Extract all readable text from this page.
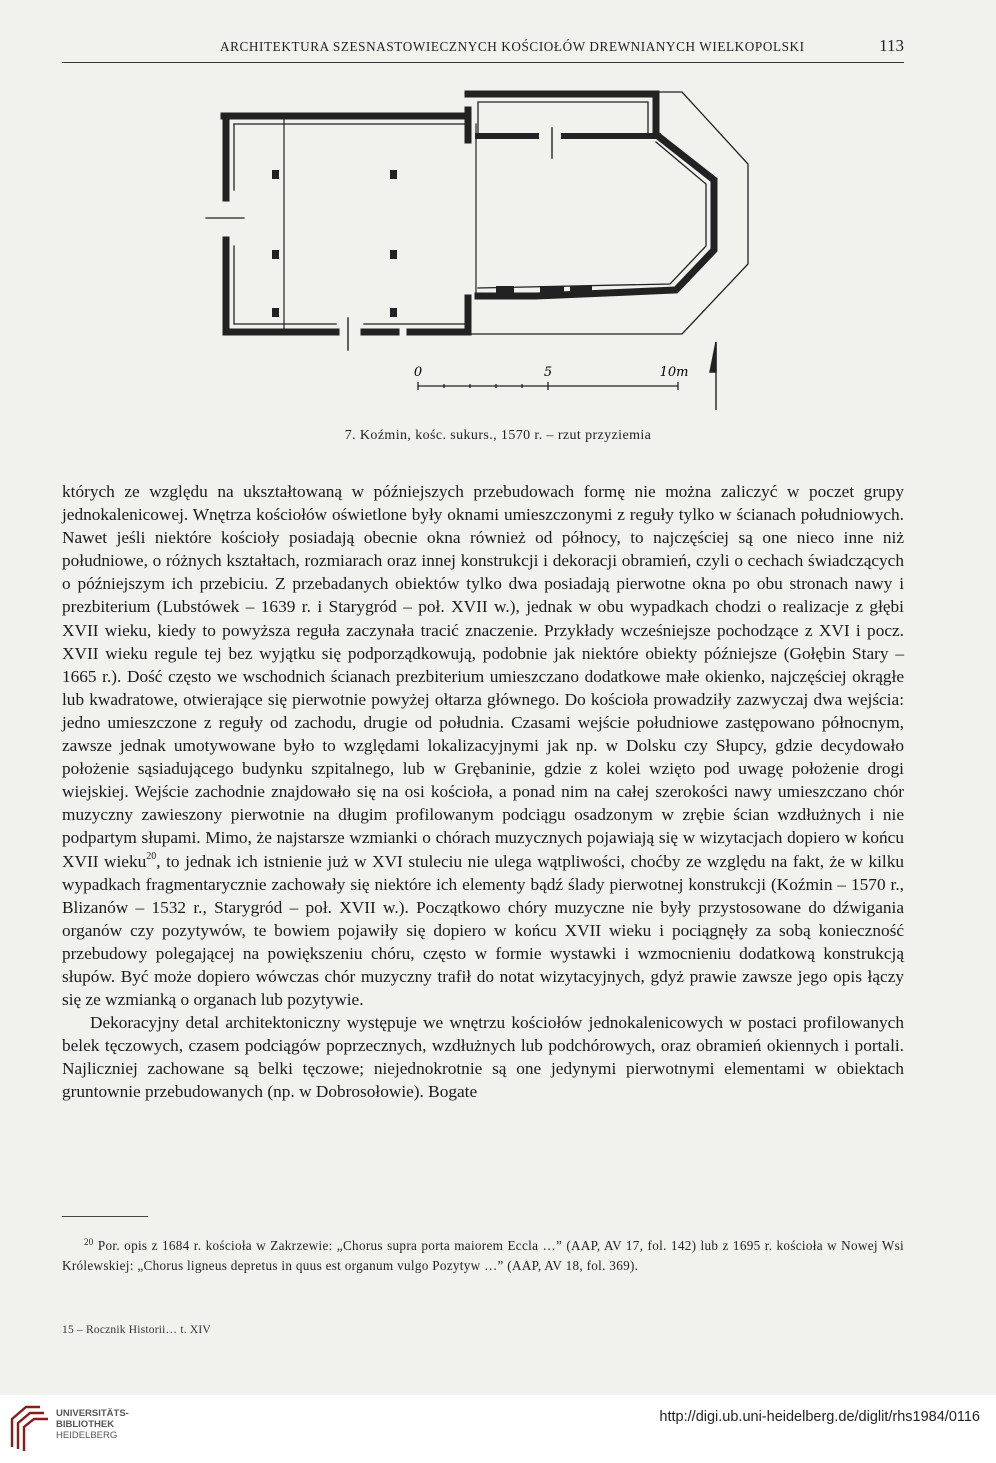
ARCHITEKTURA SZESNASTOWIECZNYCH KOŚCIOŁÓW DREWNIANYCH WIELKOPOLSKI	113
0	5	10m
7. Koźmin, kośc. sukurs., 1570 r. – rzut przyziemia

których ze względu na ukształtowaną w późniejszych przebudowach formę nie można zaliczyć w poczet grupy jednokalenicowej. Wnętrza kościołów oświetlone były oknami umieszczonymi z reguły tylko w ścianach południowych. Nawet jeśli niektóre kościoły posiadają obecnie okna również od północy, to najczęściej są one nieco inne niż południowe, o różnych kształtach, rozmiarach oraz innej konstrukcji i dekoracji obramień, czyli o cechach świadczących o późniejszym ich przebiciu. Z przebadanych obiektów tylko dwa posiadają pierwotne okna po obu stronach nawy i prezbiterium (Lubstówek – 1639 r. i Starygród – poł. XVII w.), jednak w obu wypadkach chodzi o realizacje z głębi XVII wieku, kiedy to powyższa reguła zaczynała tracić znaczenie. Przykłady wcześniejsze pochodzące z XVI i pocz. XVII wieku regule tej bez wyjątku się podporządkowują, podobnie jak niektóre obiekty późniejsze (Gołębin Stary – 1665 r.). Dość często we wschodnich ścianach prezbiterium umieszczano dodatkowe małe okienko, najczęściej okrągłe lub kwadratowe, otwierające się pierwotnie powyżej ołtarza głównego. Do kościoła prowadziły zazwyczaj dwa wejścia: jedno umieszczone z reguły od zachodu, drugie od południa. Czasami wejście południowe zastępowano północnym, zawsze jednak umotywowane było to względami lokalizacyjnymi jak np. w Dolsku czy Słupcy, gdzie decydowało położenie sąsiadującego budynku szpitalnego, lub w Grębaninie, gdzie z kolei wzięto pod uwagę położenie drogi wiejskiej. Wejście zachodnie znajdowało się na osi kościoła, a ponad nim na całej szerokości nawy umieszczano chór muzyczny zawieszony pierwotnie na długim profilowanym podciągu osadzonym w zrębie ścian wzdłużnych i nie podpartym słupami. Mimo, że najstarsze wzmianki o chórach muzycznych pojawiają się w wizytacjach dopiero w końcu XVII wieku$^{20}$, to jednak ich istnienie już w XVI stuleciu nie ulega wątpliwości, choćby ze względu na fakt, że w kilku wypadkach fragmentarycznie zachowały się niektóre ich elementy bądź ślady pierwotnej konstrukcji (Koźmin – 1570 r., Blizanów – 1532 r., Starygród – poł. XVII w.). Początkowo chóry muzyczne nie były przystosowane do dźwigania organów czy pozytywów, te bowiem pojawiły się dopiero w końcu XVII wieku i pociągnęły za sobą konieczność przebudowy polegającej na powiększeniu chóru, często w formie wystawki i wzmocnieniu dodatkową konstrukcją słupów. Być może dopiero wówczas chór muzyczny trafił do notat wizytacyjnych, gdyż prawie zawsze jego opis łączy się ze wzmianką o organach lub pozytywie.

Dekoracyjny detal architektoniczny występuje we wnętrzu kościołów jednokalenicowych w postaci profilowanych belek tęczowych, czasem podciągów poprzecznych, wzdłużnych lub podchórowych, oraz obramień okiennych i portali. Najliczniej zachowane są belki tęczowe; niejednokrotnie są one jedynymi pierwotnymi elementami w obiektach gruntownie przebudowanych (np. w Dobrosołowie). Bogate

$^{20}$ Por. opis z 1684 r. kościoła w Zakrzewie: „Chorus supra porta maiorem Eccla …” (AAP, AV 17, fol. 142) lub z 1695 r. kościoła w Nowej Wsi Królewskiej: „Chorus ligneus depretus in quus est organum vulgo Pozytyw …” (AAP, AV 18, fol. 369).

15 – Rocznik Historii… t. XIV
UNIVERSITÄTS-
BIBLIOTHEK
HEIDELBERG
http://digi.ub.uni-heidelberg.de/diglit/rhs1984/0116
